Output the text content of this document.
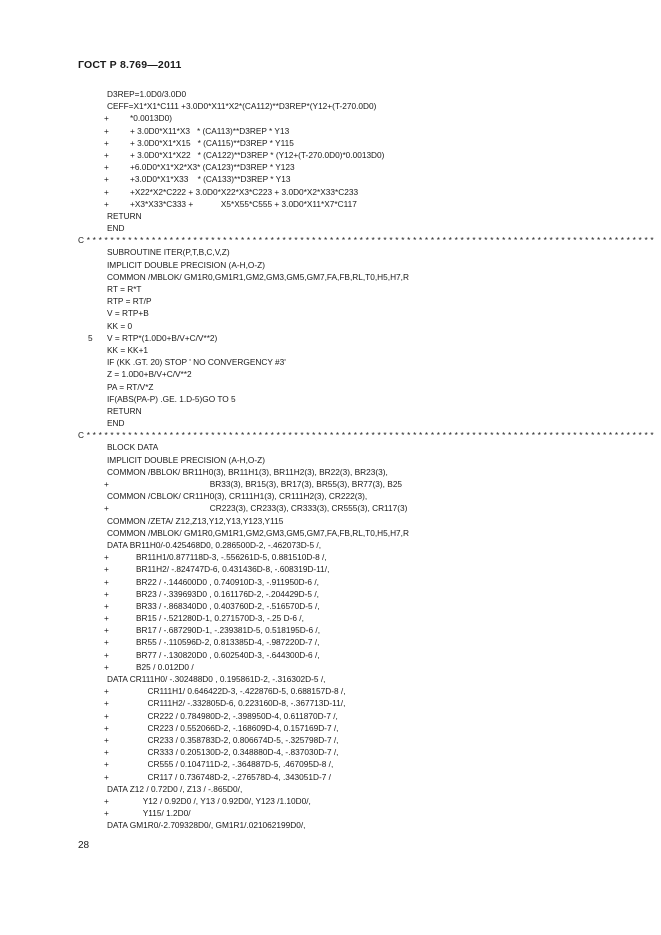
ГОСТ Р 8.769—2011
D3REP=1.0D0/3.0D0
CEFF=X1*X1*C111 +3.0D0*X11*X2*(CA112)**D3REP*(Y12+(T-270.0D0)
+	*0.0013D0)
+	+ 3.0D0*X11*X3   * (CA113)**D3REP * Y13
+	+ 3.0D0*X1*X15   * (CA115)**D3REP * Y115
+	+ 3.0D0*X1*X22   * (CA122)**D3REP * (Y12+(T-270.0D0)*0.0013D0)
+	+6.0D0*X1*X2*X3* (CA123)**D3REP * Y123
+	+3.0D0*X1*X33    * (CA133)**D3REP * Y13
+	+X22*X2*C222 + 3.0D0*X22*X3*C223 + 3.0D0*X2*X33*C233
+	+X3*X33*C333 +            X5*X55*C555 + 3.0D0*X11*X7*C117
RETURN
END
C * * * * * * * * * * * * * * * * * * * * * * * * * * * * * * * * * * * * * * * * * * * * * * * * * * * * * * * * * * * * * * * * * * * * * * * * * * * * * * * * * * * * * * * * * * * * * * * *
SUBROUTINE ITER(P,T,B,C,V,Z)
IMPLICIT DOUBLE PRECISION (A-H,O-Z)
COMMON /MBLOK/ GM1R0,GM1R1,GM2,GM3,GM5,GM7,FA,FB,RL,T0,H5,H7,R
RT = R*T
RTP = RT/P
V = RTP+B
KK = 0
5 V = RTP*(1.0D0+B/V+C/V**2)
KK = KK+1
IF (KK .GT. 20) STOP ' NO CONVERGENCY #3'
Z = 1.0D0+B/V+C/V**2
PA = RT/V*Z
IF(ABS(PA-P) .GE. 1.D-5)GO TO 5
RETURN
END
C * * * * * * * * * * * * * * * * * * * * * * * * * * * * * * * * * * * * * * * * * * * * * * * * * * * * * * * * * * * * * * * * * * * * * * * * * * * * * * * * * * * * * * * * * * * * * * * *
BLOCK DATA
IMPLICIT DOUBLE PRECISION (A-H,O-Z)
COMMON /BBLOK/ BR11H0(3), BR11H1(3), BR11H2(3), BR22(3), BR23(3),
+	BR33(3), BR15(3), BR17(3), BR55(3), BR77(3), B25
COMMON /CBLOK/ CR11H0(3), CR111H1(3), CR111H2(3), CR222(3),
+	CR223(3), CR233(3), CR333(3), CR555(3), CR117(3)
COMMON /ZETA/ Z12,Z13,Y12,Y13,Y123,Y115
COMMON /MBLOK/ GM1R0,GM1R1,GM2,GM3,GM5,GM7,FA,FB,RL,T0,H5,H7,R
DATA BR11H0/-0.425468D0, 0.286500D-2, -.462073D-5 /,
+	BR11H1/0.877118D-3, -.556261D-5, 0.881510D-8 /,
+	BR11H2/ -.824747D-6, 0.431436D-8, -.608319D-11/,
+	BR22 / -.144600D0 , 0.740910D-3, -.911950D-6 /,
+	BR23 / -.339693D0 , 0.161176D-2, -.204429D-5 /,
+	BR33 / -.868340D0 , 0.403760D-2, -.516570D-5 /,
+	BR15 / -.521280D-1, 0.271570D-3, -.25 D-6 /,
+	BR17 / -.687290D-1, -.239381D-5, 0.518195D-6 /,
+	BR55 / -.110596D-2, 0.813385D-4, -.987220D-7 /,
+	BR77 / -.130820D0 , 0.602540D-3, -.644300D-6 /,
+	B25 / 0.012D0 /
DATA CR111H0/ -.302488D0 , 0.195861D-2, -.316302D-5 /,
+	CR111H1/ 0.646422D-3, -.422876D-5, 0.688157D-8 /,
+	CR111H2/ -.332805D-6, 0.223160D-8, -.367713D-11/,
+	CR222 / 0.784980D-2, -.398950D-4, 0.611870D-7 /,
+	CR223 / 0.552066D-2, -.168609D-4, 0.157169D-7 /,
+	CR233 / 0.358783D-2, 0.806674D-5, -.325798D-7 /,
+	CR333 / 0.205130D-2, 0.348880D-4, -.837030D-7 /,
+	CR555 / 0.104711D-2, -.364887D-5, .467095D-8 /,
+	CR117 / 0.736748D-2, -.276578D-4, .343051D-7 /
DATA Z12 / 0.72D0 /, Z13 / -.865D0/,
+	Y12 / 0.92D0 /, Y13 / 0.92D0/, Y123 /1.10D0/,
+	Y115/ 1.2D0/
DATA GM1R0/-2.709328D0/, GM1R1/.021062199D0/,
28
